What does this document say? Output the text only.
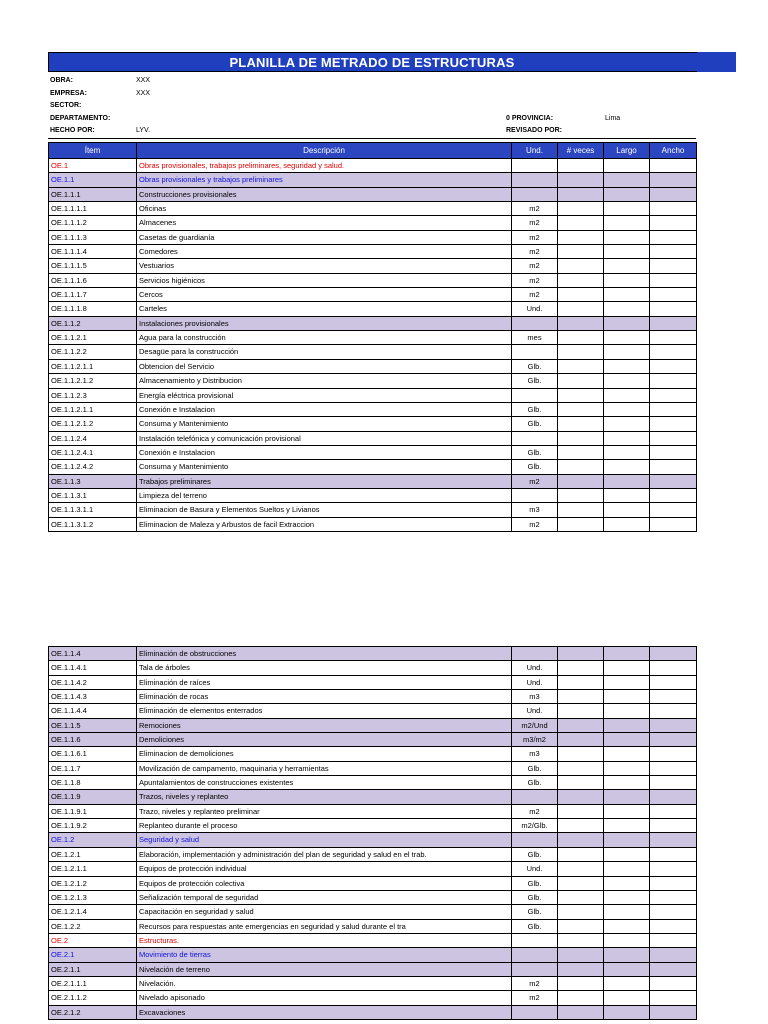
PLANILLA DE METRADO DE ESTRUCTURAS
OBRA:	XXX
EMPRESA:	XXX
SECTOR:
DEPARTAMENTO:	0 PROVINCIA:	Lima
HECHO POR:	LYV.	REVISADO POR:
Ítem	Descripción	Und.	# veces	Largo	Ancho
OE.1	Obras provisionales, trabajos preliminares, seguridad y salud.				
OE.1.1	Obras provisionales y trabajos preliminares				
OE.1.1.1	Construcciones provisionales				
OE.1.1.1.1	Oficinas	m2			
OE.1.1.1.2	Almacenes	m2			
OE.1.1.1.3	Casetas de guardianía	m2			
OE.1.1.1.4	Comedores	m2			
OE.1.1.1.5	Vestuarios	m2			
OE.1.1.1.6	Servicios higiénicos	m2			
OE.1.1.1.7	Cercos	m2			
OE.1.1.1.8	Carteles	Und.			
OE.1.1.2	Instalaciones provisionales				
OE.1.1.2.1	Agua para la construcción	mes			
OE.1.1.2.2	Desagüe para la construcción				
OE.1.1.2.1.1	Obtencion del Servicio	Glb.			
OE.1.1.2.1.2	Almacenamiento y Distribucion	Glb.			
OE.1.1.2.3	Energía eléctrica provisional				
OE.1.1.2.1.1	Conexión e Instalacion	Glb.			
OE.1.1.2.1.2	Consuma y Mantenimiento	Glb.			
OE.1.1.2.4	Instalación telefónica y comunicación provisional				
OE.1.1.2.4.1	Conexión e Instalacion	Glb.			
OE.1.1.2.4.2	Consuma y Mantenimiento	Glb.			
OE.1.1.3	Trabajos preliminares	m2			
OE.1.1.3.1	Limpieza del terreno				
OE.1.1.3.1.1	Eliminacion de Basura y Elementos Sueltos y Livianos	m3			
OE.1.1.3.1.2	Eliminacion de Maleza y Arbustos de facil Extraccion	m2			
OE.1.1.4	Eliminación de obstrucciones				
OE.1.1.4.1	Tala de árboles	Und.			
OE.1.1.4.2	Eliminación de raíces	Und.			
OE.1.1.4.3	Eliminación de rocas	m3			
OE.1.1.4.4	Eliminación de elementos enterrados	Und.			
OE.1.1.5	Remociones	m2/Und			
OE.1.1.6	Demoliciones	m3/m2			
OE.1.1.6.1	Eliminacion de demoliciones	m3			
OE.1.1.7	Movilización de campamento, maquinaria y herramientas	Glb.			
OE.1.1.8	Apuntalamientos de construcciones existentes	Glb.			
OE.1.1.9	Trazos, niveles y replanteo				
OE.1.1.9.1	Trazo, niveles y replanteo preliminar	m2			
OE.1.1.9.2	Replanteo durante el proceso	m2/Glb.			
OE.1.2	Seguridad y salud				
OE.1.2.1	Elaboración, implementación y administración del plan de seguridad y salud en el trab.	Glb.			
OE.1.2.1.1	Equipos de protección individual	Und.			
OE.1.2.1.2	Equipos de protección colectiva	Glb.			
OE.1.2.1.3	Señalización temporal de seguridad	Glb.			
OE.1.2.1.4	Capacitación en seguridad y salud	Glb.			
OE.1.2.2	Recursos para respuestas ante emergencias en seguridad y salud durante el tra	Glb.			
OE.2	Estructuras.				
OE.2.1	Movimiento de tierras				
OE.2.1.1	Nivelación de terreno				
OE.2.1.1.1	Nivelación.	m2			
OE.2.1.1.2	Nivelado apisonado	m2			
OE.2.1.2	Excavaciones				
